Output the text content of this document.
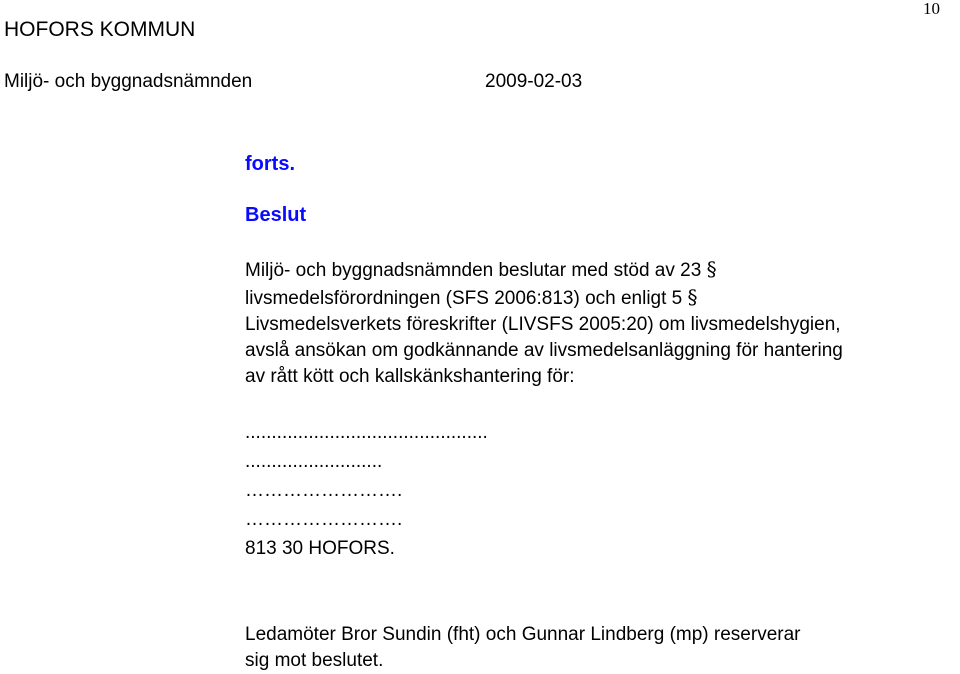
10
HOFORS KOMMUN
Miljö- och byggnadsnämnden	2009-02-03
forts.
Beslut
Miljö- och byggnadsnämnden beslutar med stöd av 23 §
livsmedelsförordningen (SFS 2006:813) och enligt 5 §
Livsmedelsverkets föreskrifter (LIVSFS 2005:20) om livsmedelshygien,
avslå ansökan om godkännande av livsmedelsanläggning för hantering
av rått kött och kallskänkshantering för:
..............................................
..........................
…………………….
…………………….
813 30 HOFORS.
Ledamöter Bror Sundin (fht) och Gunnar Lindberg (mp) reserverar
sig mot beslutet.
